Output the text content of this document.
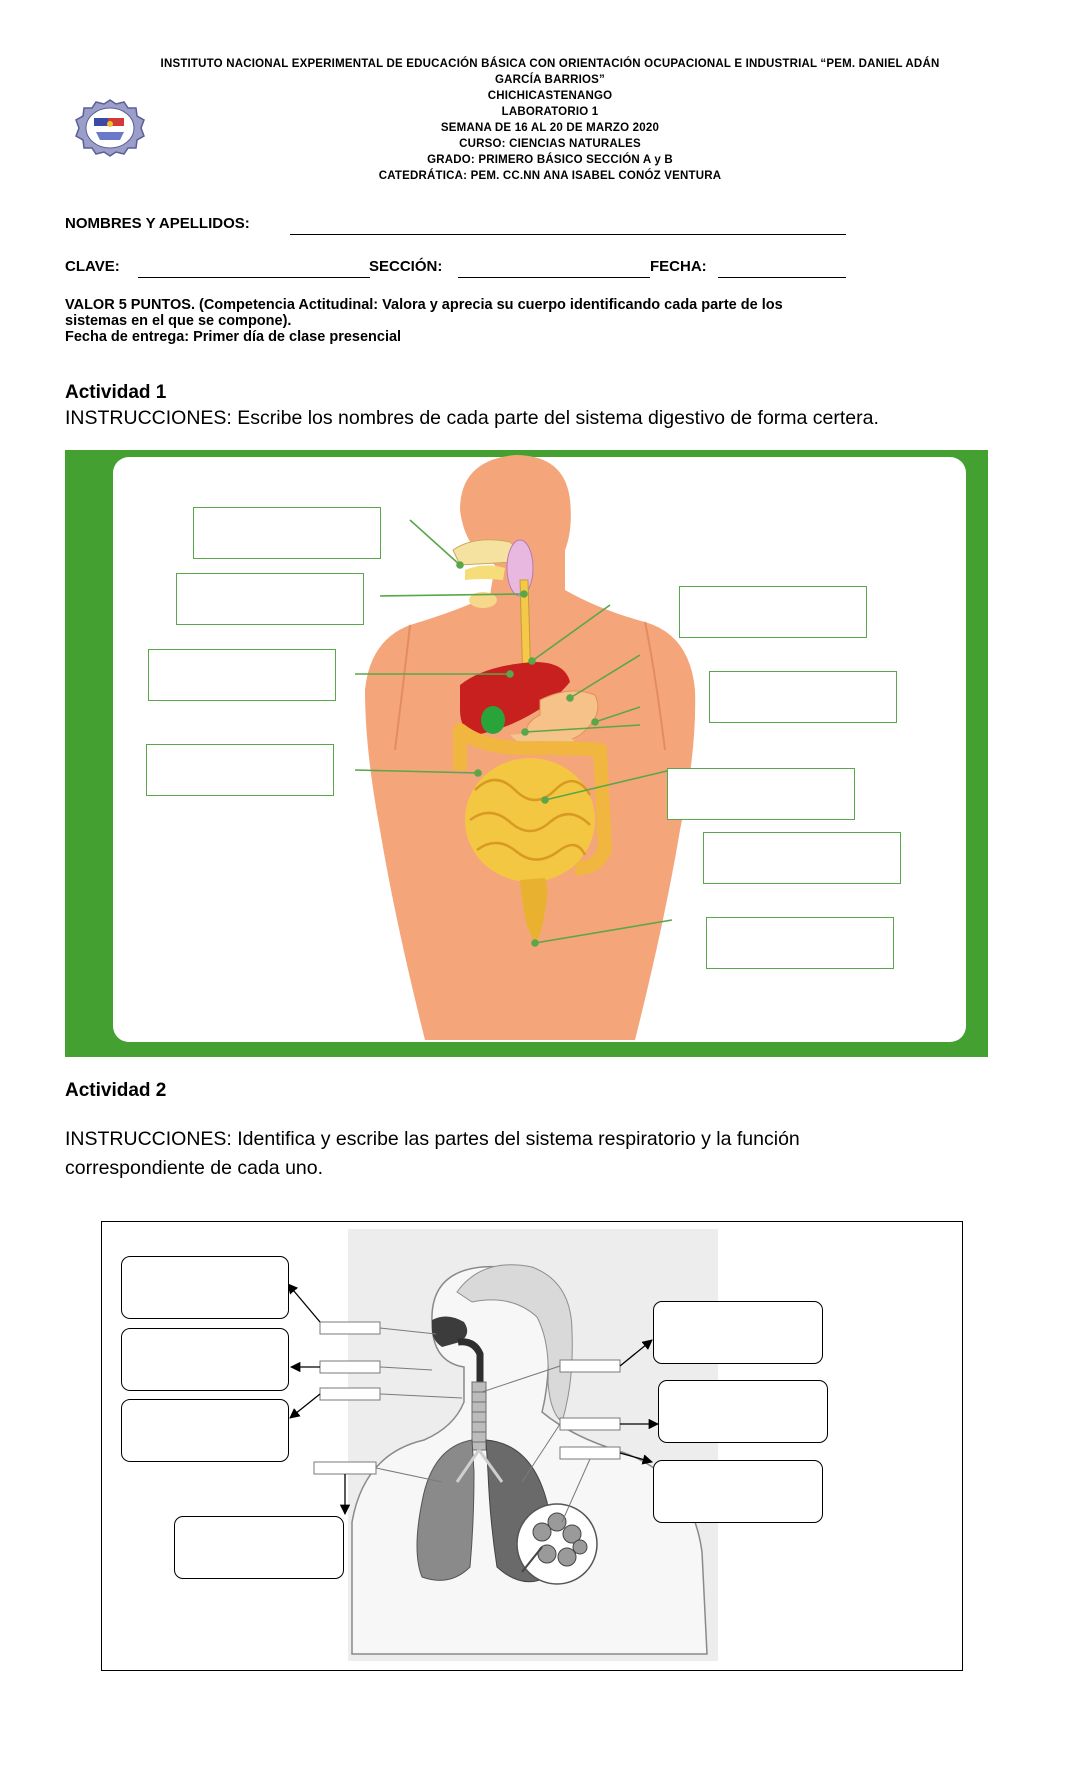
INSTITUTO NACIONAL EXPERIMENTAL DE EDUCACIÓN BÁSICA CON ORIENTACIÓN OCUPACIONAL E INDUSTRIAL “PEM. DANIEL ADÁN
GARCÍA BARRIOS”
CHICHICASTENANGO
LABORATORIO 1
SEMANA DE 16 AL 20 DE MARZO 2020
CURSO: CIENCIAS NATURALES
GRADO: PRIMERO BÁSICO SECCIÓN A y B
CATEDRÁTICA: PEM. CC.NN ANA ISABEL CONÓZ VENTURA
NOMBRES Y APELLIDOS:
CLAVE:	SECCIÓN:	FECHA:
VALOR 5 PUNTOS. (Competencia Actitudinal: Valora y aprecia su cuerpo identificando cada parte de los
sistemas en el que se compone).
Fecha de entrega: Primer día de clase presencial
Actividad 1
INSTRUCCIONES: Escribe los nombres de cada parte del sistema digestivo de forma certera.
Actividad 2
INSTRUCCIONES: Identifica y escribe las partes del sistema respiratorio y la función
correspondiente de cada uno.
